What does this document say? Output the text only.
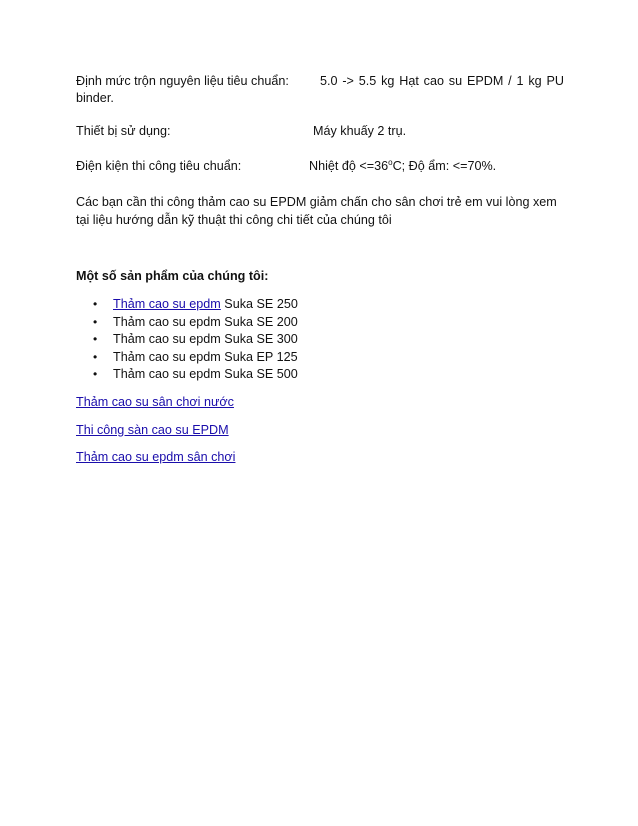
Định mức trộn nguyên liệu tiêu chuẩn: 5.0 -> 5.5 kg Hạt cao su EPDM / 1 kg PU
binder.
Thiết bị sử dụng:	Máy khuấy 2 trụ.
Điện kiện thi công tiêu chuẩn:	Nhiệt độ $<=36^oC$; Độ ẩm: <=70%.
Các bạn cần thi công thảm cao su EPDM giảm chấn cho sân chơi trẻ em vui lòng xem tại liệu hướng dẫn kỹ thuật thi công chi tiết của chúng tôi
Một số sản phẩm của chúng tôi:
• Thảm cao su epdm Suka SE 250
• Thảm cao su epdm Suka SE 200
• Thảm cao su epdm Suka SE 300
• Thảm cao su epdm Suka EP 125
• Thảm cao su epdm Suka SE 500
Thảm cao su sân chơi nước
Thi công sàn cao su EPDM
Thảm cao su epdm sân chơi
